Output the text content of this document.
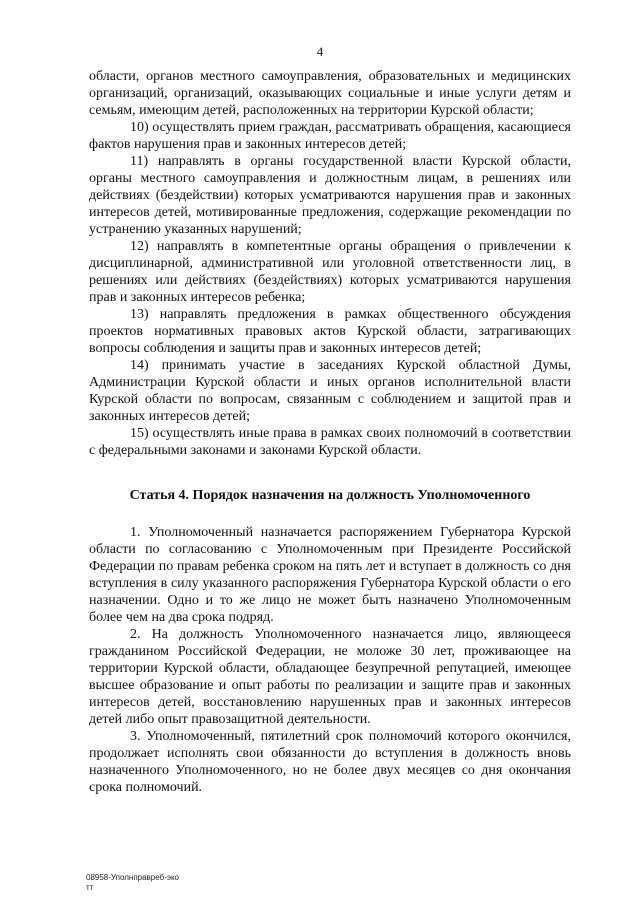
4

области, органов местного самоуправления, образовательных и медицинских организаций, организаций, оказывающих социальные и иные услуги детям и семьям, имеющим детей, расположенных на территории Курской области;

10) осуществлять прием граждан, рассматривать обращения, касающиеся фактов нарушения прав и законных интересов детей;

11) направлять в органы государственной власти Курской области, органы местного самоуправления и должностным лицам, в решениях или действиях (бездействии) которых усматриваются нарушения прав и законных интересов детей, мотивированные предложения, содержащие рекомендации по устранению указанных нарушений;

12) направлять в компетентные органы обращения о привлечении к дисциплинарной, административной или уголовной ответственности лиц, в решениях или действиях (бездействиях) которых усматриваются нарушения прав и законных интересов ребенка;

13) направлять предложения в рамках общественного обсуждения проектов нормативных правовых актов Курской области, затрагивающих вопросы соблюдения и защиты прав и законных интересов детей;

14) принимать участие в заседаниях Курской областной Думы, Администрации Курской области и иных органов исполнительной власти Курской области по вопросам, связанным с соблюдением и защитой прав и законных интересов детей;

15) осуществлять иные права в рамках своих полномочий в соответствии с федеральными законами и законами Курской области.

Статья 4. Порядок назначения на должность Уполномоченного

1. Уполномоченный назначается распоряжением Губернатора Курской области по согласованию с Уполномоченным при Президенте Российской Федерации по правам ребенка сроком на пять лет и вступает в должность со дня вступления в силу указанного распоряжения Губернатора Курской области о его назначении. Одно и то же лицо не может быть назначено Уполномоченным более чем на два срока подряд.

2. На должность Уполномоченного назначается лицо, являющееся гражданином Российской Федерации, не моложе 30 лет, проживающее на территории Курской области, обладающее безупречной репутацией, имеющее высшее образование и опыт работы по реализации и защите прав и законных интересов детей, восстановлению нарушенных прав и законных интересов детей либо опыт правозащитной деятельности.

3. Уполномоченный, пятилетний срок полномочий которого окончился, продолжает исполнять свои обязанности до вступления в должность вновь назначенного Уполномоченного, но не более двух месяцев со дня окончания срока полномочий.

08958-Уполнправреб-эко
тт
